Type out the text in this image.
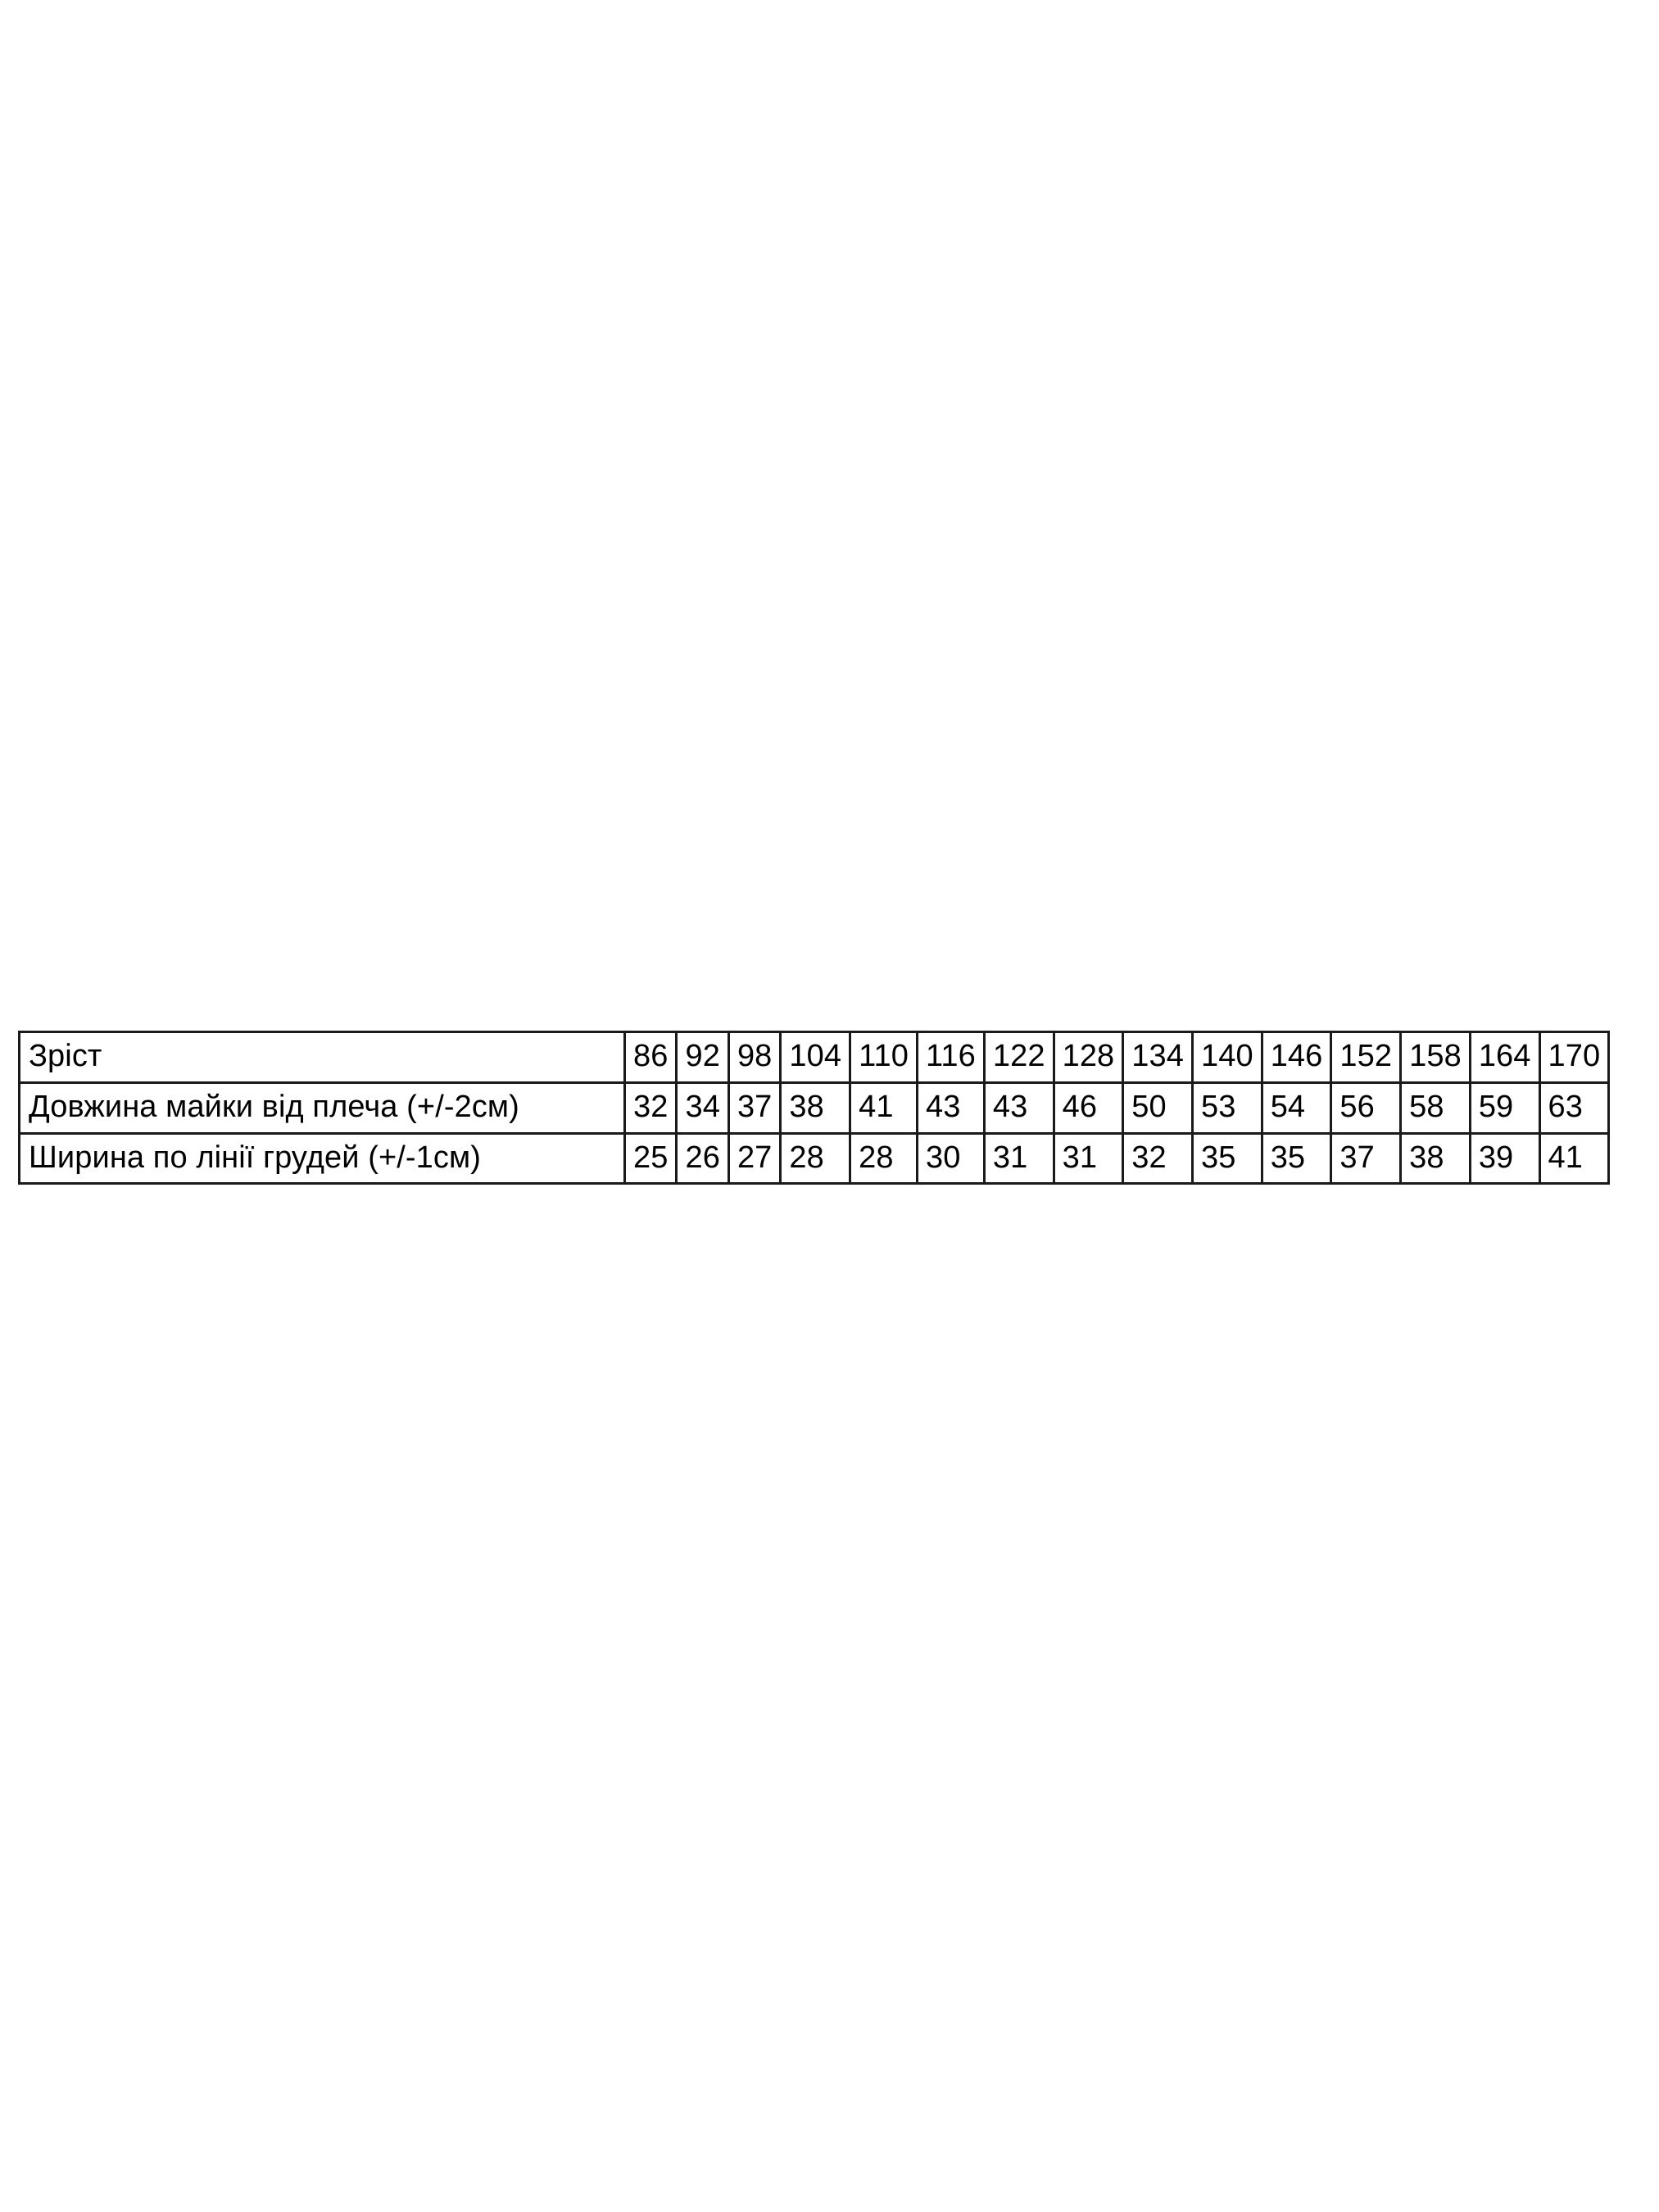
Зріст	86	92	98	104	110	116	122	128	134	140	146	152	158	164	170
Довжина майки від плеча (+/-2см)	32	34	37	38	41	43	43	46	50	53	54	56	58	59	63
Ширина по лінії грудей (+/-1см)	25	26	27	28	28	30	31	31	32	35	35	37	38	39	41
